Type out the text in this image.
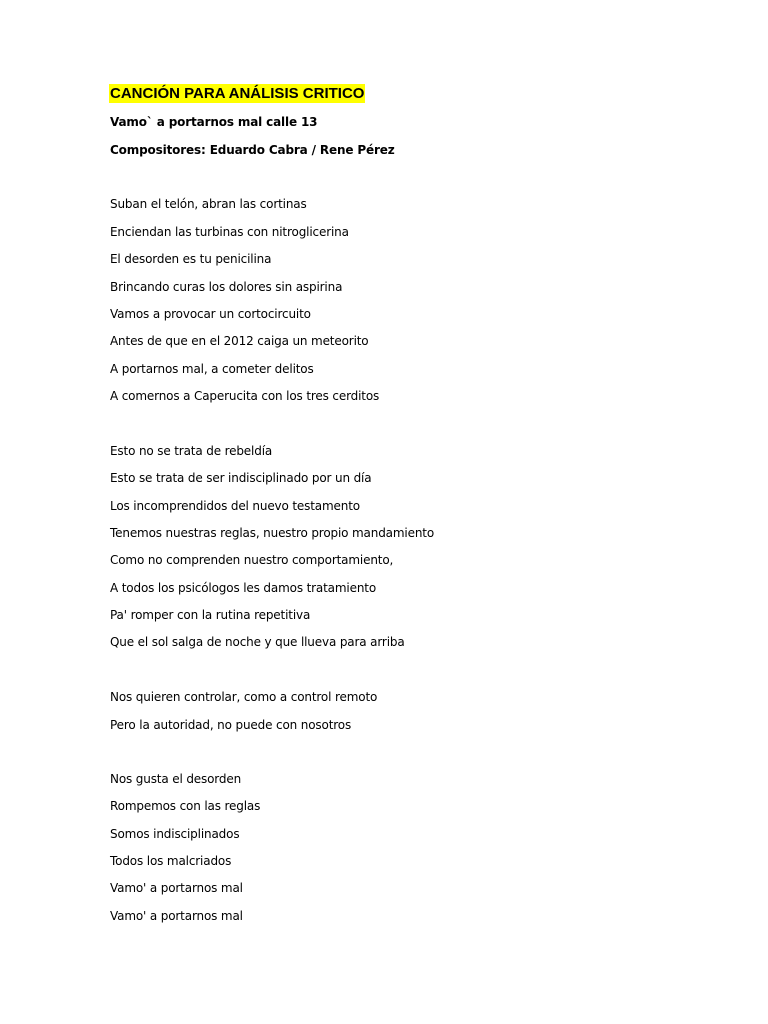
CANCIÓN PARA ANÁLISIS CRITICO
Vamo` a portarnos mal calle 13
Compositores: Eduardo Cabra / Rene Pérez
Suban el telón, abran las cortinas
Enciendan las turbinas con nitroglicerina
El desorden es tu penicilina
Brincando curas los dolores sin aspirina
Vamos a provocar un cortocircuito
Antes de que en el 2012 caiga un meteorito
A portarnos mal, a cometer delitos
A comernos a Caperucita con los tres cerditos
Esto no se trata de rebeldía
Esto se trata de ser indisciplinado por un día
Los incomprendidos del nuevo testamento
Tenemos nuestras reglas, nuestro propio mandamiento
Como no comprenden nuestro comportamiento,
A todos los psicólogos les damos tratamiento
Pa' romper con la rutina repetitiva
Que el sol salga de noche y que llueva para arriba
Nos quieren controlar, como a control remoto
Pero la autoridad, no puede con nosotros
Nos gusta el desorden
Rompemos con las reglas
Somos indisciplinados
Todos los malcriados
Vamo' a portarnos mal
Vamo' a portarnos mal
